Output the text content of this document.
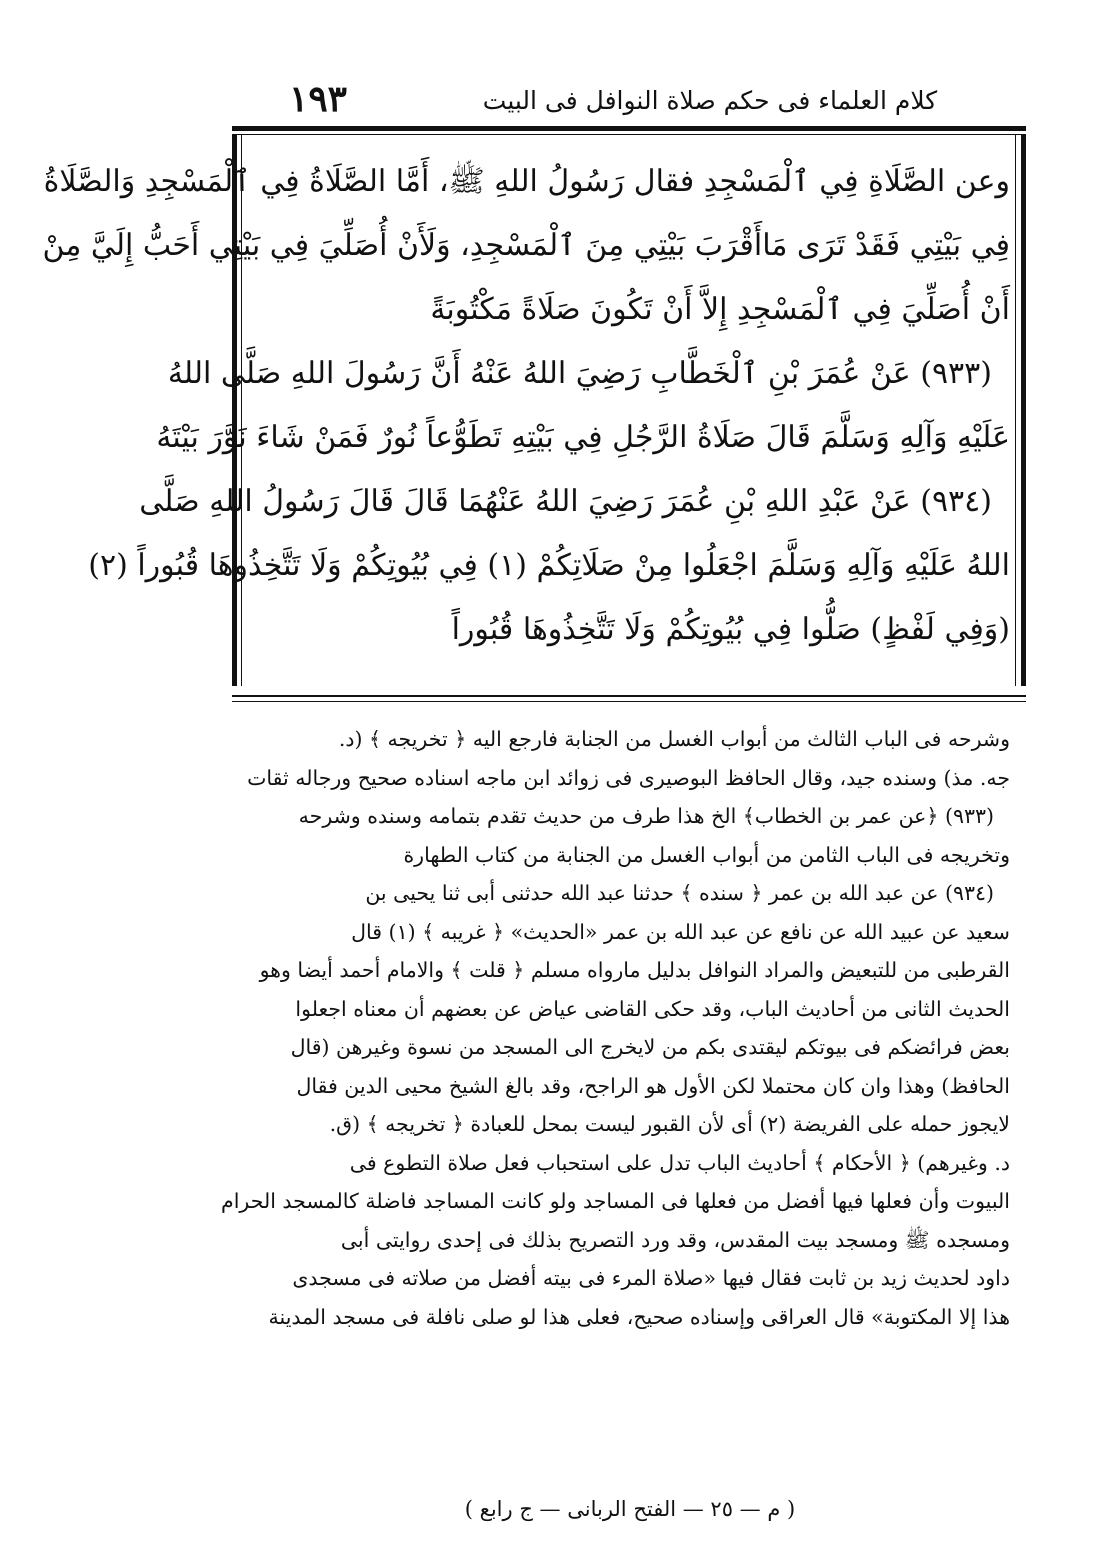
١٩٣	كلام العلماء فى حكم صلاة النوافل فى البيت
وعن الصَّلَاةِ فِي ٱلْمَسْجِدِ فقال رَسُولُ اللهِ ﷺ، أَمَّا الصَّلَاةُ فِي ٱلْمَسْجِدِ وَالصَّلَاةُ
فِي بَيْتِي فَقَدْ تَرَى مَاأَقْرَبَ بَيْتِي مِنَ ٱلْمَسْجِدِ، وَلَأَنْ أُصَلِّيَ فِي بَيْتِي أَحَبُّ إِلَيَّ مِنْ
أَنْ أُصَلِّيَ فِي ٱلْمَسْجِدِ إِلاَّ أَنْ تَكُونَ صَلَاةً مَكْتُوبَةً
(٩٣٣) عَنْ عُمَرَ بْنِ ٱلْخَطَّابِ رَضِيَ اللهُ عَنْهُ أَنَّ رَسُولَ اللهِ صَلَّى اللهُ
عَلَيْهِ وَآلِهِ وَسَلَّمَ قَالَ صَلَاةُ الرَّجُلِ فِي بَيْتِهِ تَطَوُّعاً نُورٌ فَمَنْ شَاءَ نَوَّرَ بَيْتَهُ
(٩٣٤) عَنْ عَبْدِ اللهِ بْنِ عُمَرَ رَضِيَ اللهُ عَنْهُمَا قَالَ قَالَ رَسُولُ اللهِ صَلَّى
اللهُ عَلَيْهِ وَآلِهِ وَسَلَّمَ اجْعَلُوا مِنْ صَلَاتِكُمْ (١) فِي بُيُوتِكُمْ وَلَا تَتَّخِذُوهَا قُبُوراً (٢)
(وَفِي لَفْظٍ) صَلُّوا فِي بُيُوتِكُمْ وَلَا تَتَّخِذُوهَا قُبُوراً
وشرحه فى الباب الثالث من أبواب الغسل من الجنابة فارجع اليه ﴿ تخريجه ﴾ (د.
جه. مذ) وسنده جيد، وقال الحافظ البوصيرى فى زوائد ابن ماجه اسناده صحيح ورجاله ثقات
(٩٣٣) ﴿عن عمر بن الخطاب﴾ الخ هذا طرف من حديث تقدم بتمامه وسنده وشرحه
وتخريجه فى الباب الثامن من أبواب الغسل من الجنابة من كتاب الطهارة
(٩٣٤) عن عبد الله بن عمر ﴿ سنده ﴾ حدثنا عبد الله حدثنى أبى ثنا يحيى بن
سعيد عن عبيد الله عن نافع عن عبد الله بن عمر «الحديث» ﴿ غريبه ﴾ (١) قال
القرطبى من للتبعيض والمراد النوافل بدليل مارواه مسلم ﴿ قلت ﴾ والامام أحمد أيضا وهو
الحديث الثانى من أحاديث الباب، وقد حكى القاضى عياض عن بعضهم أن معناه اجعلوا
بعض فرائضكم فى بيوتكم ليقتدى بكم من لايخرج الى المسجد من نسوة وغيرهن (قال
الحافظ) وهذا وان كان محتملا لكن الأول هو الراجح، وقد بالغ الشيخ محيى الدين فقال
لايجوز حمله على الفريضة (٢) أى لأن القبور ليست بمحل للعبادة ﴿ تخريجه ﴾ (ق.
د. وغيرهم) ﴿ الأحكام ﴾ أحاديث الباب تدل على استحباب فعل صلاة التطوع فى
البيوت وأن فعلها فيها أفضل من فعلها فى المساجد ولو كانت المساجد فاضلة كالمسجد الحرام
ومسجده ﷺ ومسجد بيت المقدس، وقد ورد التصريح بذلك فى إحدى روايتى أبى
داود لحديث زيد بن ثابت فقال فيها «صلاة المرء فى بيته أفضل من صلاته فى مسجدى
هذا إلا المكتوبة» قال العراقى وإسناده صحيح، فعلى هذا لو صلى نافلة فى مسجد المدينة
( م — ٢٥ — الفتح الربانى — ج رابع )
